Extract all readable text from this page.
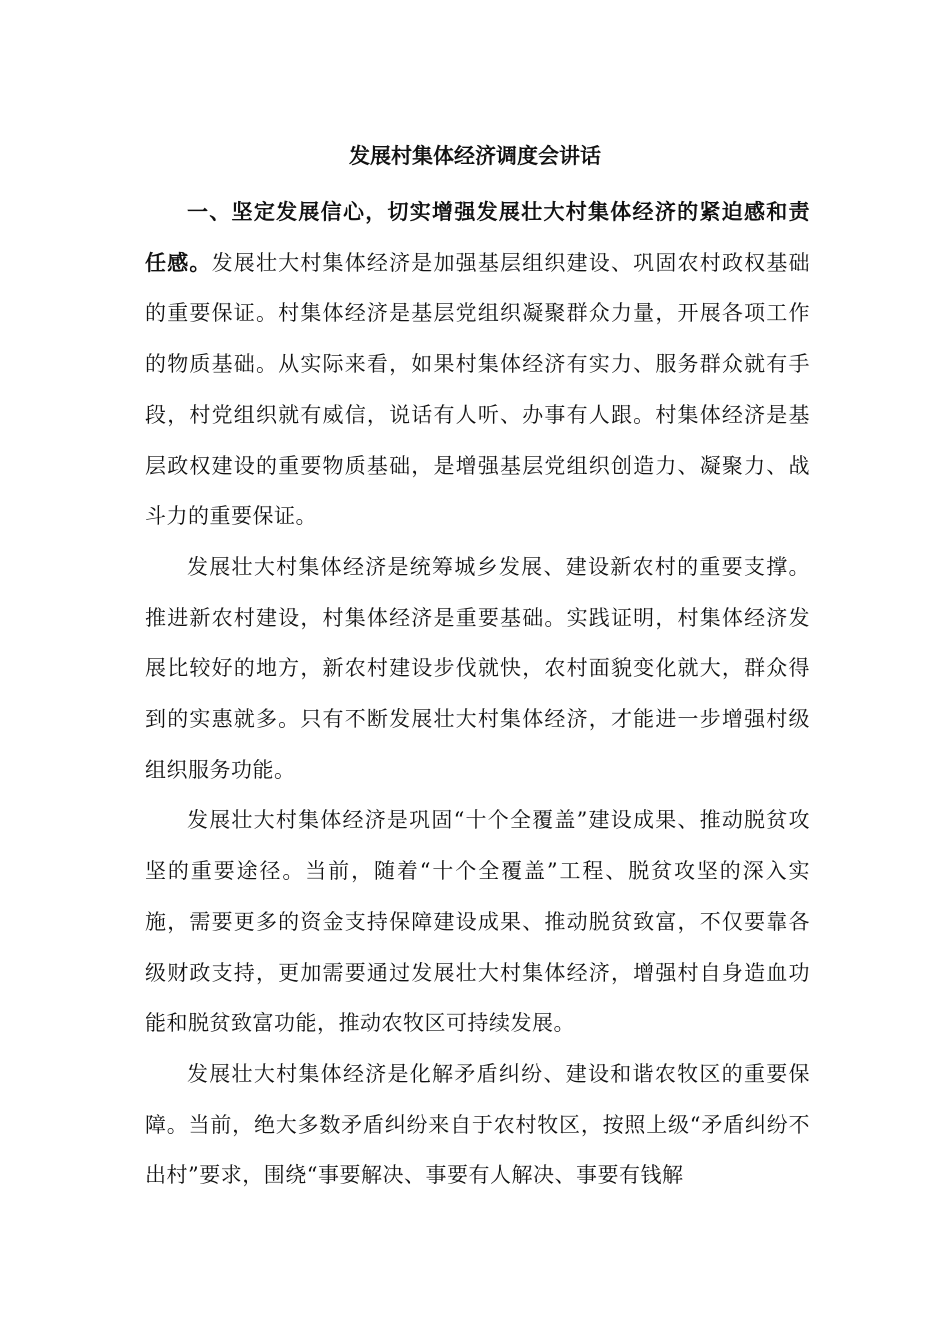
发展村集体经济调度会讲话

一、坚定发展信心，切实增强发展壮大村集体经济的紧迫感和责任感。发展壮大村集体经济是加强基层组织建设、巩固农村政权基础的重要保证。村集体经济是基层党组织凝聚群众力量，开展各项工作的物质基础。从实际来看，如果村集体经济有实力、服务群众就有手段，村党组织就有威信，说话有人听、办事有人跟。村集体经济是基层政权建设的重要物质基础，是增强基层党组织创造力、凝聚力、战斗力的重要保证。

发展壮大村集体经济是统筹城乡发展、建设新农村的重要支撑。推进新农村建设，村集体经济是重要基础。实践证明，村集体经济发展比较好的地方，新农村建设步伐就快，农村面貌变化就大，群众得到的实惠就多。只有不断发展壮大村集体经济，才能进一步增强村级组织服务功能。

发展壮大村集体经济是巩固“十个全覆盖”建设成果、推动脱贫攻坚的重要途径。当前，随着“十个全覆盖”工程、脱贫攻坚的深入实施，需要更多的资金支持保障建设成果、推动脱贫致富，不仅要靠各级财政支持，更加需要通过发展壮大村集体经济，增强村自身造血功能和脱贫致富功能，推动农牧区可持续发展。

发展壮大村集体经济是化解矛盾纠纷、建设和谐农牧区的重要保障。当前，绝大多数矛盾纠纷来自于农村牧区，按照上级“矛盾纠纷不出村”要求，围绕“事要解决、事要有人解决、事要有钱解
